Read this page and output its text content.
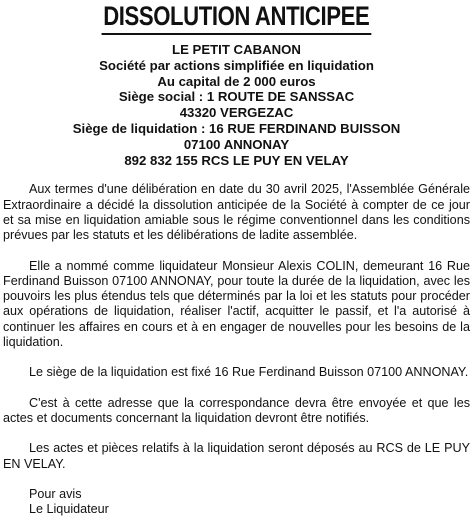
DISSOLUTION ANTICIPEE
LE PETIT CABANON
Société par actions simplifiée en liquidation
Au capital de 2 000 euros
Siège social : 1 ROUTE DE SANSSAC
43320 VERGEZAC
Siège de liquidation : 16 RUE FERDINAND BUISSON
07100 ANNONAY
892 832 155 RCS LE PUY EN VELAY

Aux termes d'une délibération en date du 30 avril 2025, l'Assemblée Générale Extraordinaire a décidé la dissolution anticipée de la Société à compter de ce jour et sa mise en liquidation amiable sous le régime conventionnel dans les conditions prévues par les statuts et les délibérations de ladite assemblée.

Elle a nommé comme liquidateur Monsieur Alexis COLIN, demeurant 16 Rue Ferdinand Buisson 07100 ANNONAY, pour toute la durée de la liquidation, avec les pouvoirs les plus étendus tels que déterminés par la loi et les statuts pour procéder aux opérations de liquidation, réaliser l'actif, acquitter le passif, et l'a autorisé à continuer les affaires en cours et à en engager de nouvelles pour les besoins de la liquidation.

Le siège de la liquidation est fixé 16 Rue Ferdinand Buisson 07100 ANNONAY.

C'est à cette adresse que la correspondance devra être envoyée et que les actes et documents concernant la liquidation devront être notifiés.

Les actes et pièces relatifs à la liquidation seront déposés au RCS de LE PUY EN VELAY.

Pour avis
Le Liquidateur
